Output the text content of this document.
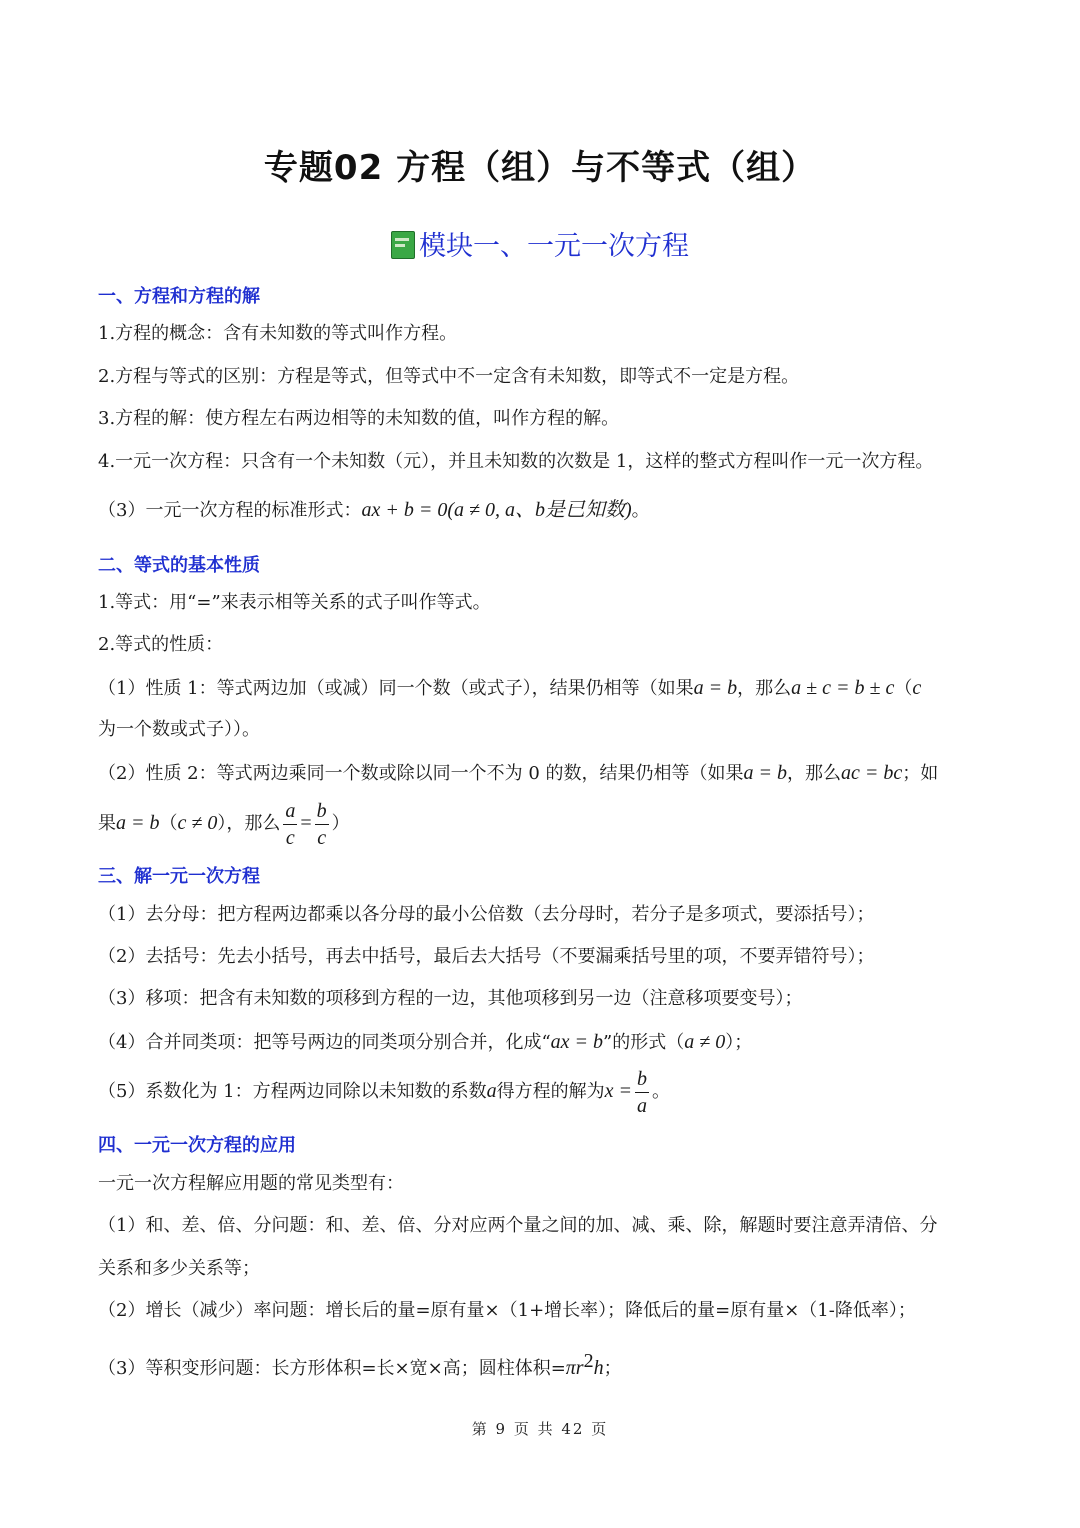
专题02 方程（组）与不等式（组）
模块一、一元一次方程
一、方程和方程的解
1.方程的概念：含有未知数的等式叫作方程。
2.方程与等式的区别：方程是等式，但等式中不一定含有未知数，即等式不一定是方程。
3.方程的解：使方程左右两边相等的未知数的值，叫作方程的解。
4.一元一次方程：只含有一个未知数（元），并且未知数的次数是 1，这样的整式方程叫作一元一次方程。
（3）一元一次方程的标准形式：ax + b = 0(a ≠ 0, a、b是已知数)。
二、等式的基本性质
1.等式：用“=”来表示相等关系的式子叫作等式。
2.等式的性质：
（1）性质 1：等式两边加（或减）同一个数（或式子），结果仍相等（如果a = b，那么a ± c = b ± c（c
为一个数或式子））。
（2）性质 2：等式两边乘同一个数或除以同一个不为 0 的数，结果仍相等（如果a = b，那么ac = bc；如
果a = b（c ≠ 0），那么 $\frac{a}{c} = \frac{b}{c}$ ）
三、解一元一次方程
（1）去分母：把方程两边都乘以各分母的最小公倍数（去分母时，若分子是多项式，要添括号）；
（2）去括号：先去小括号，再去中括号，最后去大括号（不要漏乘括号里的项，不要弄错符号）；
（3）移项：把含有未知数的项移到方程的一边，其他项移到另一边（注意移项要变号）；
（4）合并同类项：把等号两边的同类项分别合并，化成“ax = b”的形式（a ≠ 0）；
（5）系数化为 1：方程两边同除以未知数的系数a得方程的解为$x = \frac{b}{a}$ 。
四、一元一次方程的应用
一元一次方程解应用题的常见类型有：
（1）和、差、倍、分问题：和、差、倍、分对应两个量之间的加、减、乘、除，解题时要注意弄清倍、分
关系和多少关系等；
（2）增长（减少）率问题：增长后的量=原有量×（1+增长率）；降低后的量=原有量×（1-降低率）；
（3）等积变形问题：长方形体积=长×宽×高；圆柱体积$=\pi r^2h$；
第 9 页 共 42 页
